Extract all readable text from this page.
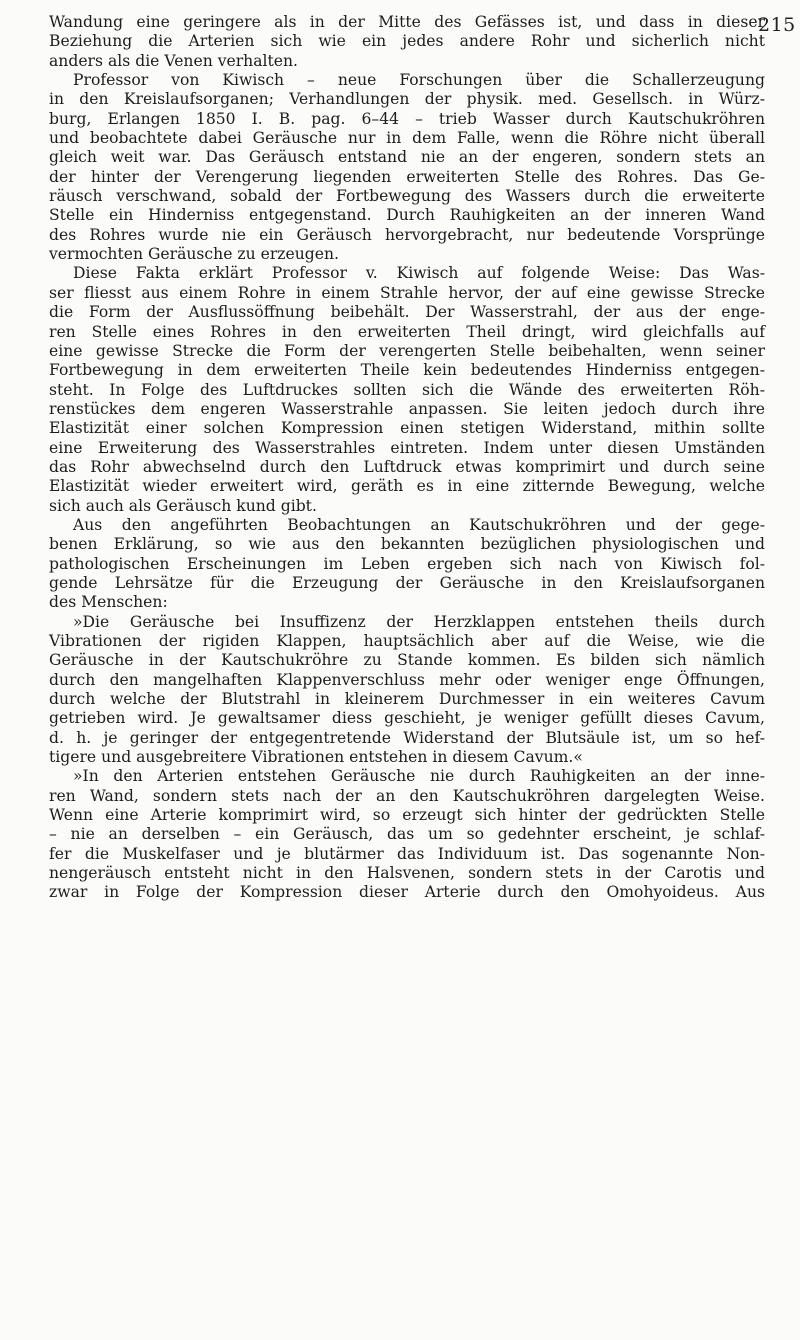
215
Wandung eine geringere als in der Mitte des Gefässes ist, und dass in dieser
Beziehung die Arterien sich wie ein jedes andere Rohr und sicherlich nicht
anders als die Venen verhalten.
Professor von Kiwisch – neue Forschungen über die Schallerzeugung
in den Kreislaufsorganen; Verhandlungen der physik. med. Gesellsch. in Würz-
burg, Erlangen 1850 I. B. pag. 6–44 – trieb Wasser durch Kautschukröhren
und beobachtete dabei Geräusche nur in dem Falle, wenn die Röhre nicht überall
gleich weit war. Das Geräusch entstand nie an der engeren, sondern stets an
der hinter der Verengerung liegenden erweiterten Stelle des Rohres. Das Ge-
räusch verschwand, sobald der Fortbewegung des Wassers durch die erweiterte
Stelle ein Hinderniss entgegenstand. Durch Rauhigkeiten an der inneren Wand
des Rohres wurde nie ein Geräusch hervorgebracht, nur bedeutende Vorsprünge
vermochten Geräusche zu erzeugen.
Diese Fakta erklärt Professor v. Kiwisch auf folgende Weise: Das Was-
ser fliesst aus einem Rohre in einem Strahle hervor, der auf eine gewisse Strecke
die Form der Ausflussöffnung beibehält. Der Wasserstrahl, der aus der enge-
ren Stelle eines Rohres in den erweiterten Theil dringt, wird gleichfalls auf
eine gewisse Strecke die Form der verengerten Stelle beibehalten, wenn seiner
Fortbewegung in dem erweiterten Theile kein bedeutendes Hinderniss entgegen-
steht. In Folge des Luftdruckes sollten sich die Wände des erweiterten Röh-
renstückes dem engeren Wasserstrahle anpassen. Sie leiten jedoch durch ihre
Elastizität einer solchen Kompression einen stetigen Widerstand, mithin sollte
eine Erweiterung des Wasserstrahles eintreten. Indem unter diesen Umständen
das Rohr abwechselnd durch den Luftdruck etwas komprimirt und durch seine
Elastizität wieder erweitert wird, geräth es in eine zitternde Bewegung, welche
sich auch als Geräusch kund gibt.
Aus den angeführten Beobachtungen an Kautschukröhren und der gege-
benen Erklärung, so wie aus den bekannten bezüglichen physiologischen und
pathologischen Erscheinungen im Leben ergeben sich nach von Kiwisch fol-
gende Lehrsätze für die Erzeugung der Geräusche in den Kreislaufsorganen
des Menschen:
»Die Geräusche bei Insuffizenz der Herzklappen entstehen theils durch
Vibrationen der rigiden Klappen, hauptsächlich aber auf die Weise, wie die
Geräusche in der Kautschukröhre zu Stande kommen. Es bilden sich nämlich
durch den mangelhaften Klappenverschluss mehr oder weniger enge Öffnungen,
durch welche der Blutstrahl in kleinerem Durchmesser in ein weiteres Cavum
getrieben wird. Je gewaltsamer diess geschieht, je weniger gefüllt dieses Cavum,
d. h. je geringer der entgegentretende Widerstand der Blutsäule ist, um so hef-
tigere und ausgebreitere Vibrationen entstehen in diesem Cavum.«
»In den Arterien entstehen Geräusche nie durch Rauhigkeiten an der inne-
ren Wand, sondern stets nach der an den Kautschukröhren dargelegten Weise.
Wenn eine Arterie komprimirt wird, so erzeugt sich hinter der gedrückten Stelle
– nie an derselben – ein Geräusch, das um so gedehnter erscheint, je schlaf-
fer die Muskelfaser und je blutärmer das Individuum ist. Das sogenannte Non-
nengeräusch entsteht nicht in den Halsvenen, sondern stets in der Carotis und
zwar in Folge der Kompression dieser Arterie durch den Omohyoideus. Aus
